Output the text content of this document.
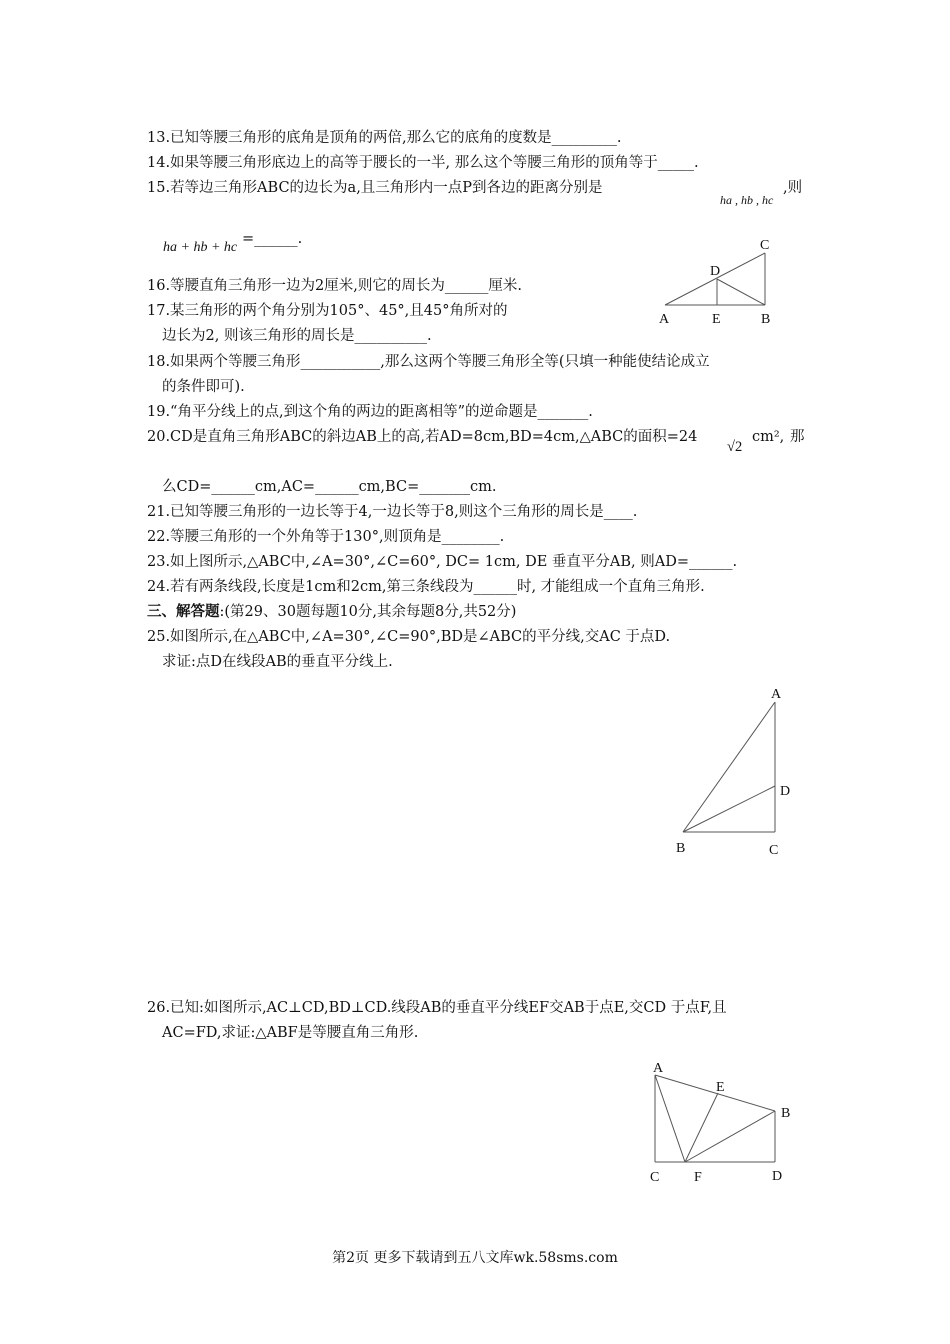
13.已知等腰三角形的底角是顶角的两倍,那么它的底角的度数是_________.
14.如果等腰三角形底边上的高等于腰长的一半, 那么这个等腰三角形的顶角等于_____.
15.若等边三角形ABC的边长为a,且三角形内一点P到各边的距离分别是
ha , hb , hc
,则
ha + hb + hc
=______.	C
D
A	E	B
16.等腰直角三角形一边为2厘米,则它的周长为______厘米.
17.某三角形的两个角分别为105°、45°,且45°角所对的
边长为2, 则该三角形的周长是__________.
18.如果两个等腰三角形___________,那么这两个等腰三角形全等(只填一种能使结论成立
的条件即可).
19.“角平分线上的点,到这个角的两边的距离相等”的逆命题是_______.
20.CD是直角三角形ABC的斜边AB上的高,若AD=8cm,BD=4cm,△ABC的面积=24
√2
cm², 那
么CD=______cm,AC=______cm,BC=_______cm.
21.已知等腰三角形的一边长等于4,一边长等于8,则这个三角形的周长是____.
22.等腰三角形的一个外角等于130°,则顶角是________.
23.如上图所示,△ABC中,∠A=30°,∠C=60°, DC= 1cm, DE 垂直平分AB, 则AD=______.
24.若有两条线段,长度是1cm和2cm,第三条线段为______时, 才能组成一个直角三角形.
三、解答题:(第29、30题每题10分,其余每题8分,共52分)
25.如图所示,在△ABC中,∠A=30°,∠C=90°,BD是∠ABC的平分线,交AC 于点D.
求证:点D在线段AB的垂直平分线上.
A
D
B	C
26.已知:如图所示,AC⊥CD,BD⊥CD.线段AB的垂直平分线EF交AB于点E,交CD 于点F,且
AC=FD,求证:△ABF是等腰直角三角形.
A
E
B
C F	D
第2页 更多下载请到五八文库wk.58sms.com
